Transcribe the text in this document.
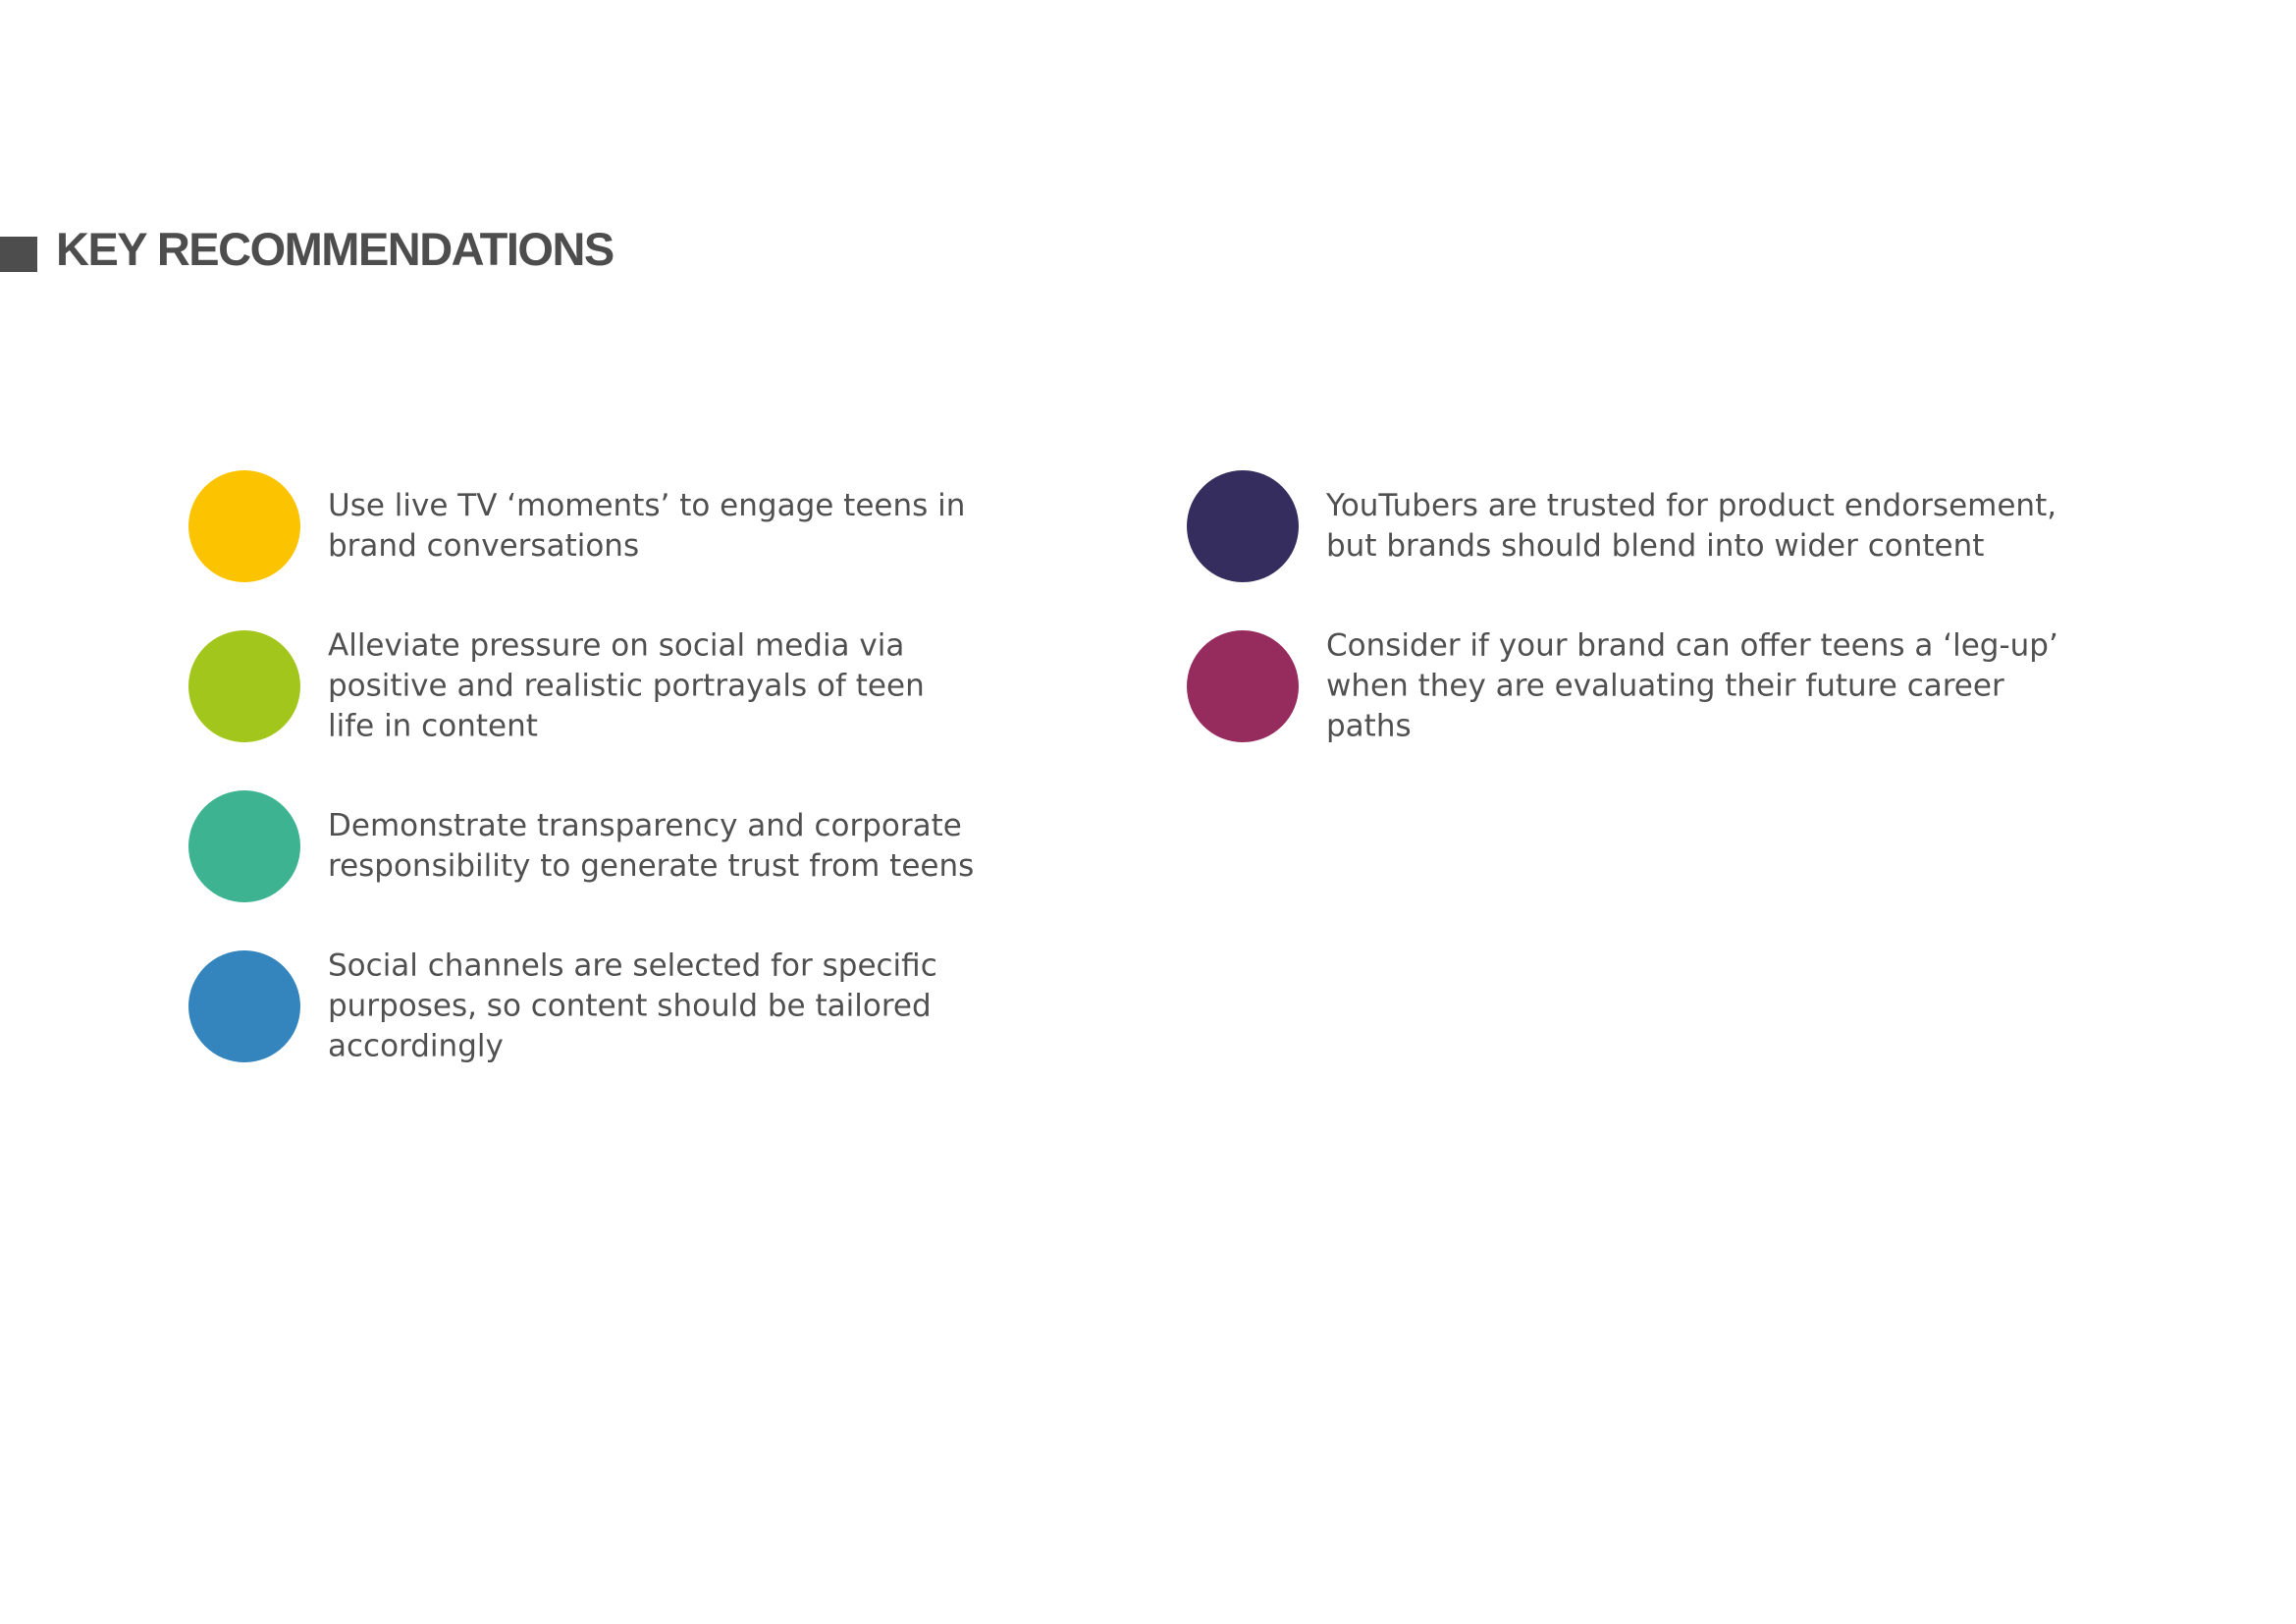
KEY RECOMMENDATIONS
Use live TV ‘moments’ to engage teens in
brand conversations
Alleviate pressure on social media via
positive and realistic portrayals of teen
life in content
Demonstrate transparency and corporate
responsibility to generate trust from teens
Social channels are selected for specific
purposes, so content should be tailored
accordingly
YouTubers are trusted for product endorsement,
but brands should blend into wider content
Consider if your brand can offer teens a ‘leg-up’
when they are evaluating their future career paths
